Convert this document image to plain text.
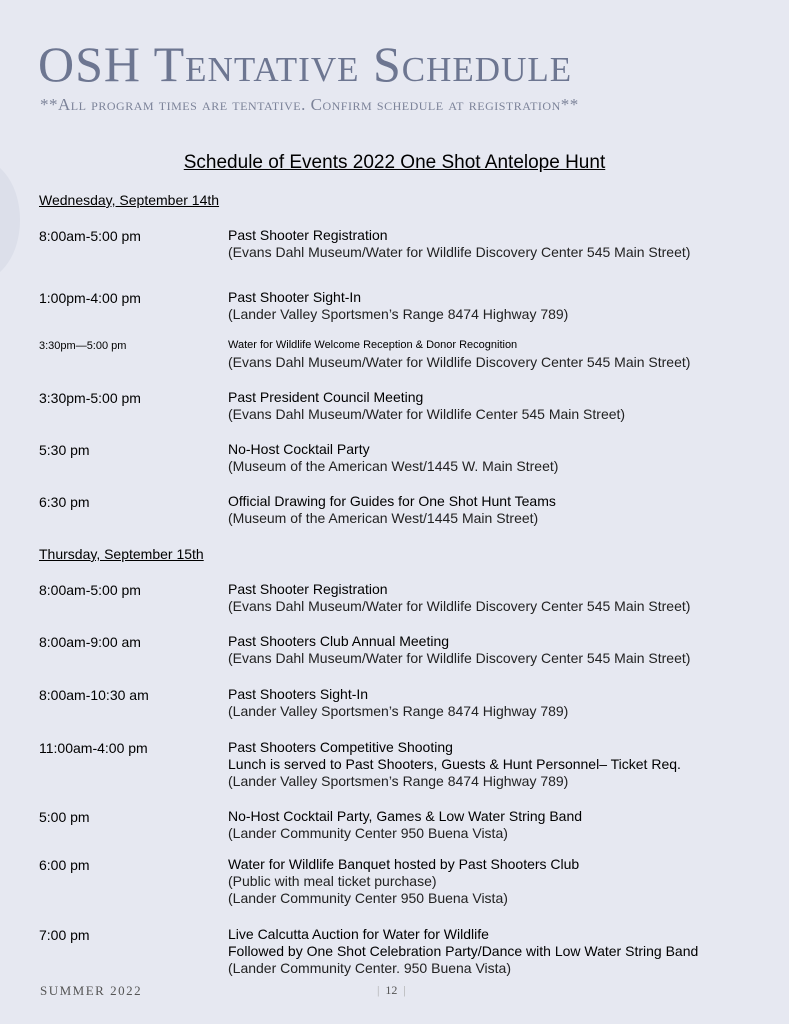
OSH Tentative Schedule
**All program times are tentative. Confirm schedule at registration**
Schedule of Events 2022 One Shot Antelope Hunt
Wednesday, September 14th
8:00am-5:00 pm	Past Shooter Registration
(Evans Dahl Museum/Water for Wildlife Discovery Center 545 Main Street)
1:00pm-4:00 pm	Past Shooter Sight-In
(Lander Valley Sportsmen’s Range 8474 Highway 789)
3:30pm—5:00 pm	Water for Wildlife Welcome Reception & Donor Recognition
(Evans Dahl Museum/Water for Wildlife Discovery Center 545 Main Street)
3:30pm-5:00 pm	Past President Council Meeting
(Evans Dahl Museum/Water for Wildlife Center 545 Main Street)
5:30 pm	No-Host Cocktail Party
(Museum of the American West/1445 W. Main Street)
6:30 pm	Official Drawing for Guides for One Shot Hunt Teams
(Museum of the American West/1445 Main Street)
Thursday, September 15th
8:00am-5:00 pm	Past Shooter Registration
(Evans Dahl Museum/Water for Wildlife Discovery Center 545 Main Street)
8:00am-9:00 am	Past Shooters Club Annual Meeting
(Evans Dahl Museum/Water for Wildlife Discovery Center 545 Main Street)
8:00am-10:30 am	Past Shooters Sight-In
(Lander Valley Sportsmen’s Range 8474 Highway 789)
11:00am-4:00 pm	Past Shooters Competitive Shooting
Lunch is served to Past Shooters, Guests & Hunt Personnel– Ticket Req.
(Lander Valley Sportsmen’s Range 8474 Highway 789)
5:00 pm	No-Host Cocktail Party, Games & Low Water String Band
(Lander Community Center 950 Buena Vista)
6:00 pm	Water for Wildlife Banquet hosted by Past Shooters Club
(Public with meal ticket purchase)
(Lander Community Center 950 Buena Vista)
7:00 pm	Live Calcutta Auction for Water for Wildlife
Followed by One Shot Celebration Party/Dance with Low Water String Band
(Lander Community Center. 950 Buena Vista)
SUMMER 2022	| 12 |
